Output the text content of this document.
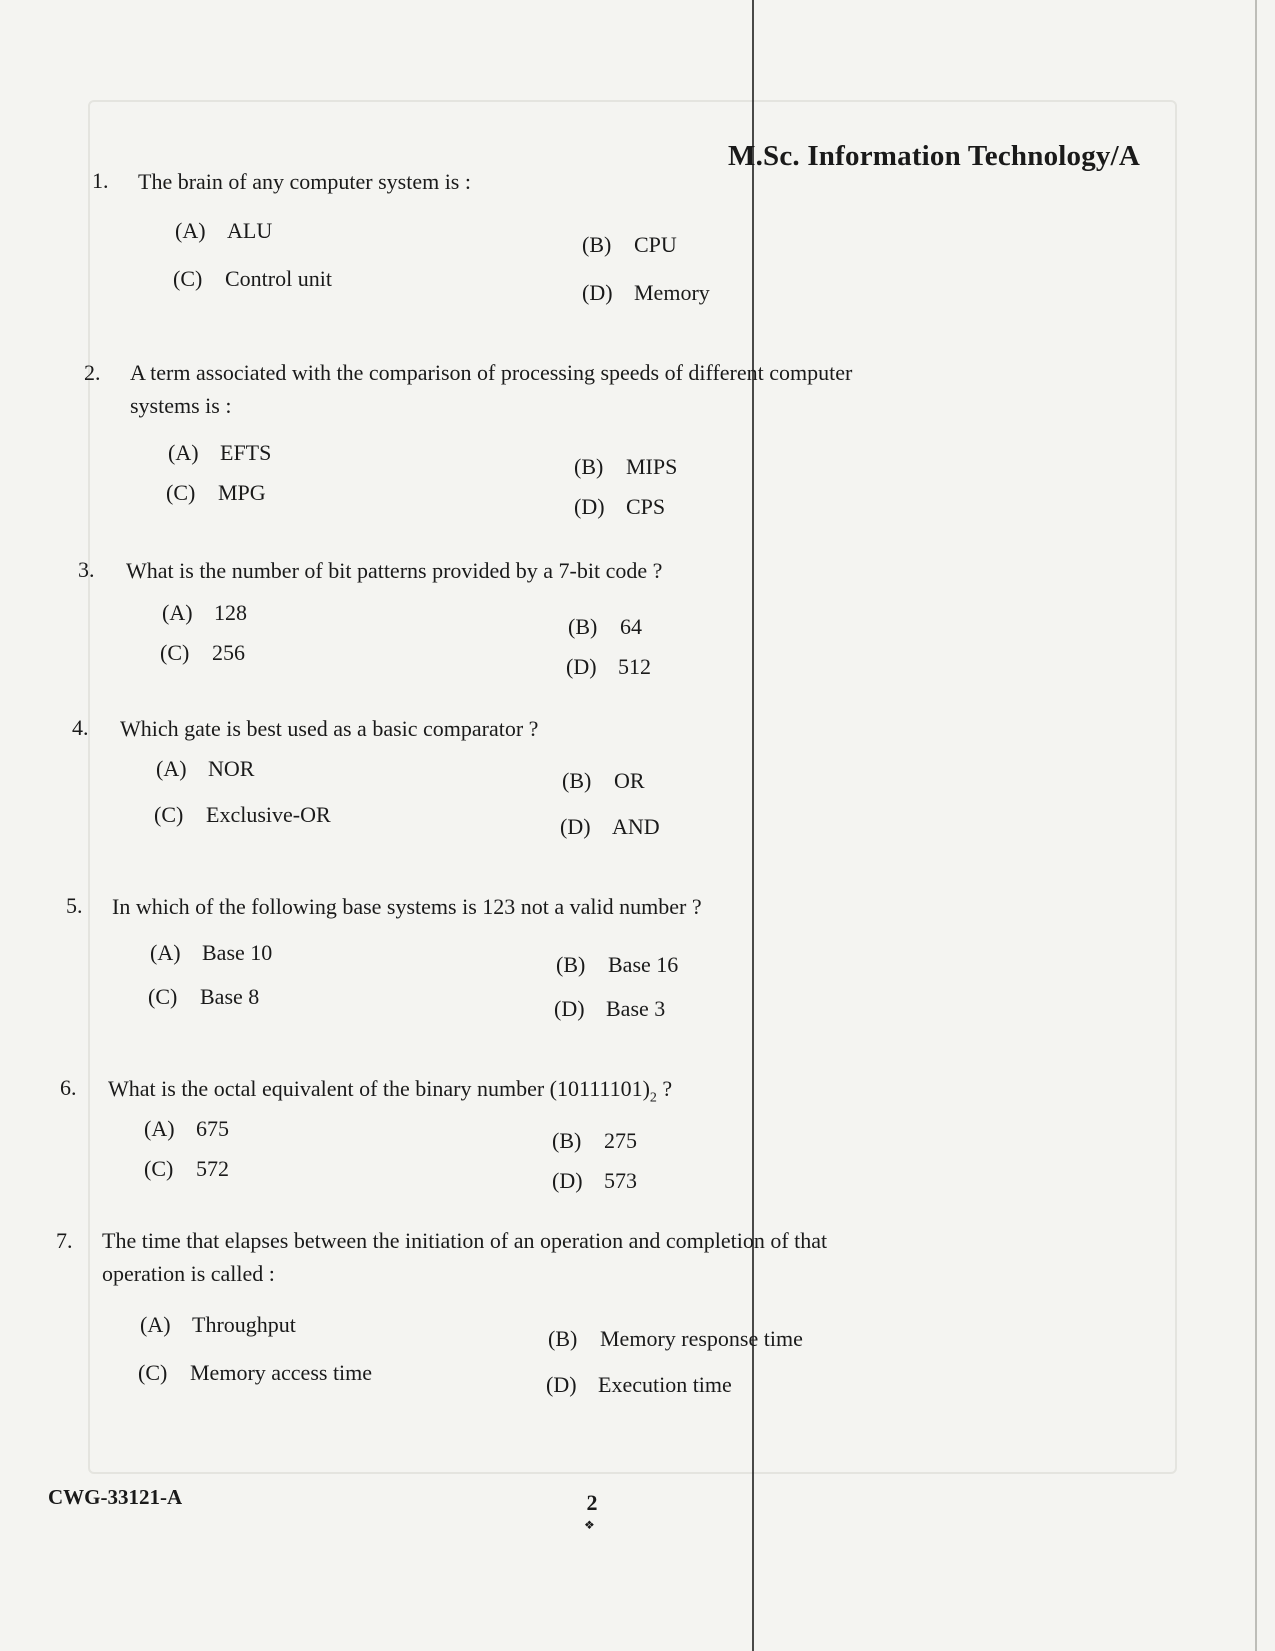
M.Sc. Information Technology/A
1. The brain of any computer system is :
(A) ALU
(B) CPU
(C) Control unit
(D) Memory
2. A term associated with the comparison of processing speeds of different computer systems is :
(A) EFTS
(B) MIPS
(C) MPG
(D) CPS
3. What is the number of bit patterns provided by a 7-bit code ?
(A) 128
(B) 64
(C) 256
(D) 512
4. Which gate is best used as a basic comparator ?
(A) NOR	(B) OR
(C) Exclusive-OR	(D) AND
5. In which of the following base systems is 123 not a valid number ?
(A) Base 10	(B) Base 16
(C) Base 8	(D) Base 3
6. What is the octal equivalent of the binary number $(10111101)_2$ ?
(A) 675	(B) 275
(C) 572	(D) 573
7. The time that elapses between the initiation of an operation and completion of that operation is called :
(A) Throughput
(B) Memory response time
(C) Memory access time	(D) Execution time
CWG-33121-A	2
❖
